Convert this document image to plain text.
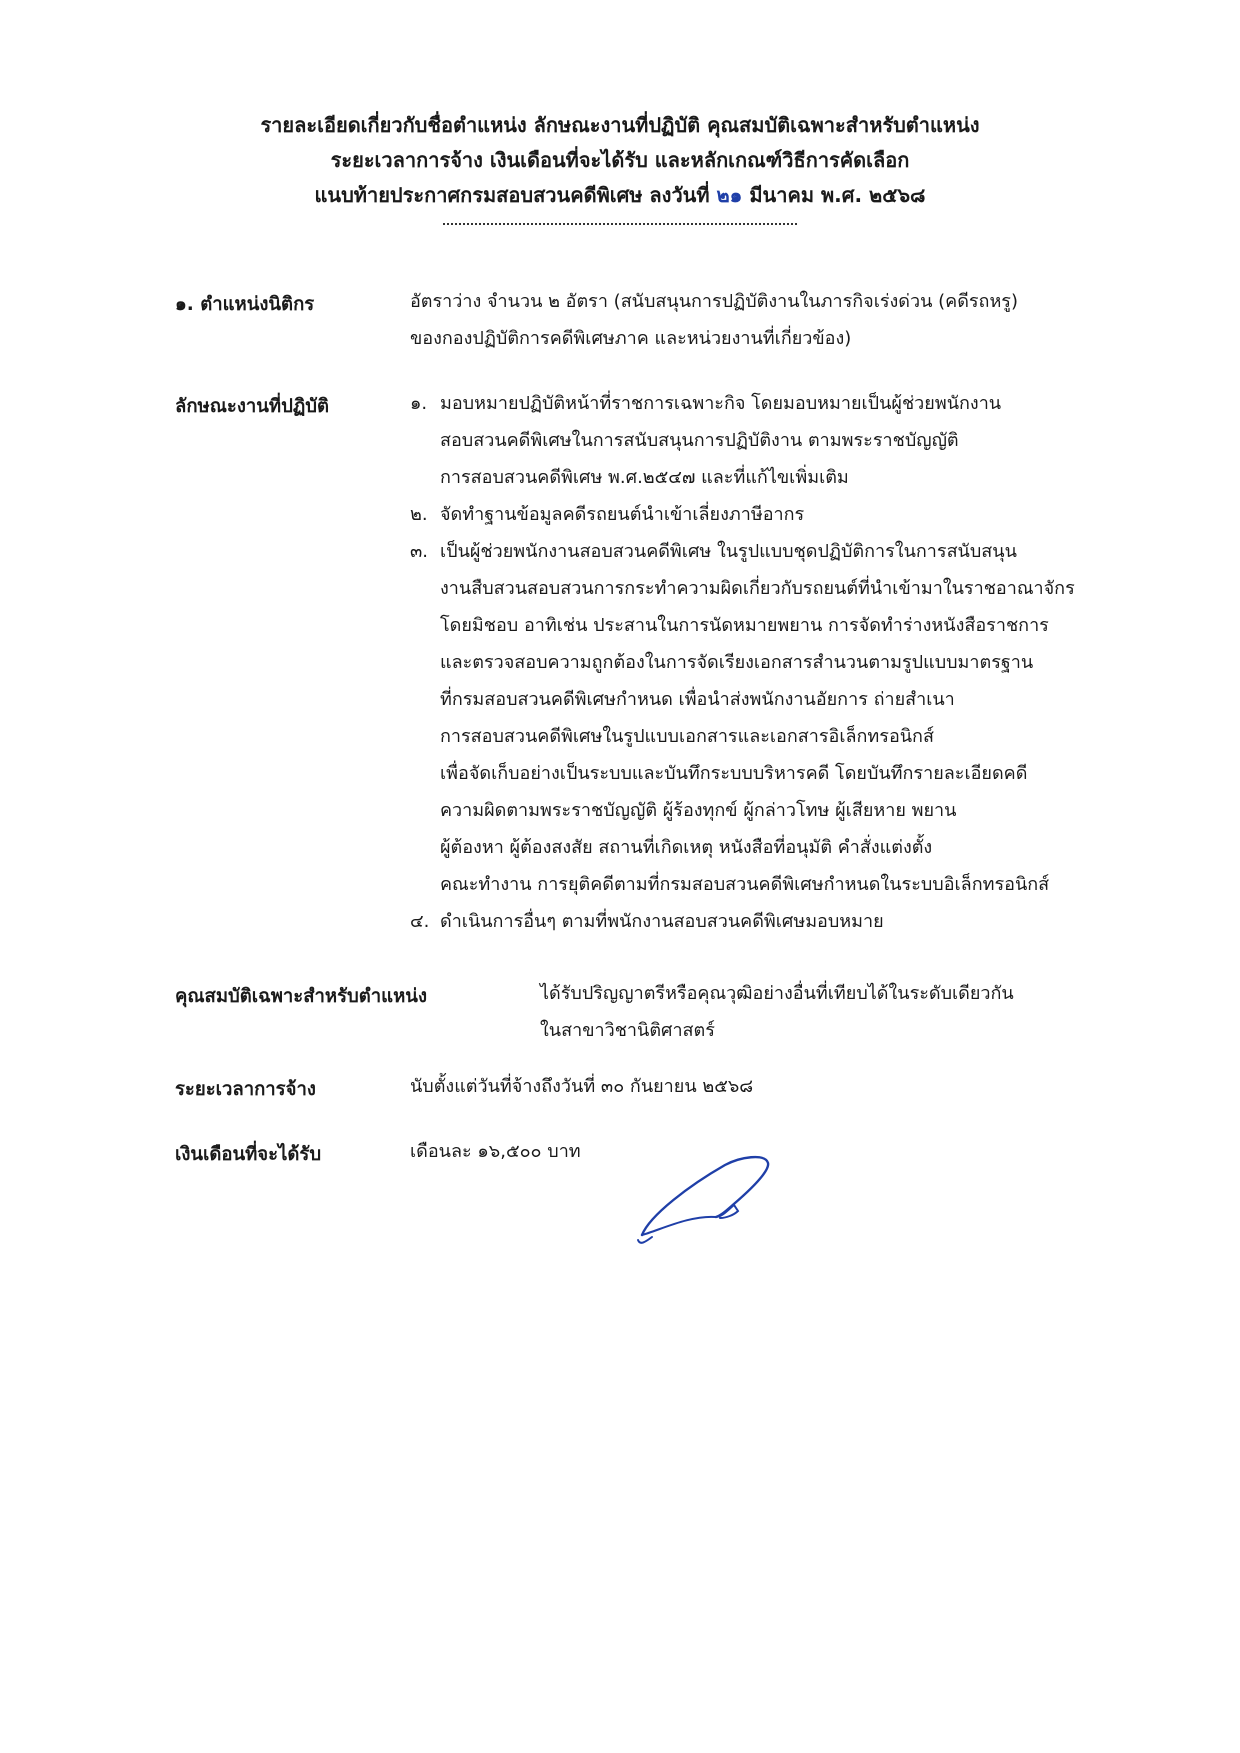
รายละเอียดเกี่ยวกับชื่อตำแหน่ง ลักษณะงานที่ปฏิบัติ คุณสมบัติเฉพาะสำหรับตำแหน่ง
ระยะเวลาการจ้าง เงินเดือนที่จะได้รับ และหลักเกณฑ์วิธีการคัดเลือก
แนบท้ายประกาศกรมสอบสวนคดีพิเศษ ลงวันที่ ๒๑ มีนาคม พ.ศ. ๒๕๖๘
๑. ตำแหน่งนิติกร	อัตราว่าง จำนวน ๒ อัตรา (สนับสนุนการปฏิบัติงานในภารกิจเร่งด่วน (คดีรถหรู)

ของกองปฏิบัติการคดีพิเศษภาค และหน่วยงานที่เกี่ยวข้อง)

ลักษณะงานที่ปฏิบัติ	๑. มอบหมายปฏิบัติหน้าที่ราชการเฉพาะกิจ โดยมอบหมายเป็นผู้ช่วยพนักงาน

สอบสวนคดีพิเศษในการสนับสนุนการปฏิบัติงาน ตามพระราชบัญญัติ

การสอบสวนคดีพิเศษ พ.ศ.๒๕๔๗ และที่แก้ไขเพิ่มเติม

๒. จัดทำฐานข้อมูลคดีรถยนต์นำเข้าเลี่ยงภาษีอากร

๓. เป็นผู้ช่วยพนักงานสอบสวนคดีพิเศษ ในรูปแบบชุดปฏิบัติการในการสนับสนุน

งานสืบสวนสอบสวนการกระทำความผิดเกี่ยวกับรถยนต์ที่นำเข้ามาในราชอาณาจักร

โดยมิชอบ อาทิเช่น ประสานในการนัดหมายพยาน การจัดทำร่างหนังสือราชการ

และตรวจสอบความถูกต้องในการจัดเรียงเอกสารสำนวนตามรูปแบบมาตรฐาน

ที่กรมสอบสวนคดีพิเศษกำหนด เพื่อนำส่งพนักงานอัยการ ถ่ายสำเนา

การสอบสวนคดีพิเศษในรูปแบบเอกสารและเอกสารอิเล็กทรอนิกส์

เพื่อจัดเก็บอย่างเป็นระบบและบันทึกระบบบริหารคดี โดยบันทึกรายละเอียดคดี

ความผิดตามพระราชบัญญัติ ผู้ร้องทุกข์ ผู้กล่าวโทษ ผู้เสียหาย พยาน

ผู้ต้องหา ผู้ต้องสงสัย สถานที่เกิดเหตุ หนังสือที่อนุมัติ คำสั่งแต่งตั้ง

คณะทำงาน การยุติคดีตามที่กรมสอบสวนคดีพิเศษกำหนดในระบบอิเล็กทรอนิกส์

๔. ดำเนินการอื่นๆ ตามที่พนักงานสอบสวนคดีพิเศษมอบหมาย

คุณสมบัติเฉพาะสำหรับตำแหน่ง	ได้รับปริญญาตรีหรือคุณวุฒิอย่างอื่นที่เทียบได้ในระดับเดียวกัน

ในสาขาวิชานิติศาสตร์

ระยะเวลาการจ้าง	นับตั้งแต่วันที่จ้างถึงวันที่ ๓๐ กันยายน ๒๕๖๘
เงินเดือนที่จะได้รับ	เดือนละ ๑๖,๕๐๐ บาท
